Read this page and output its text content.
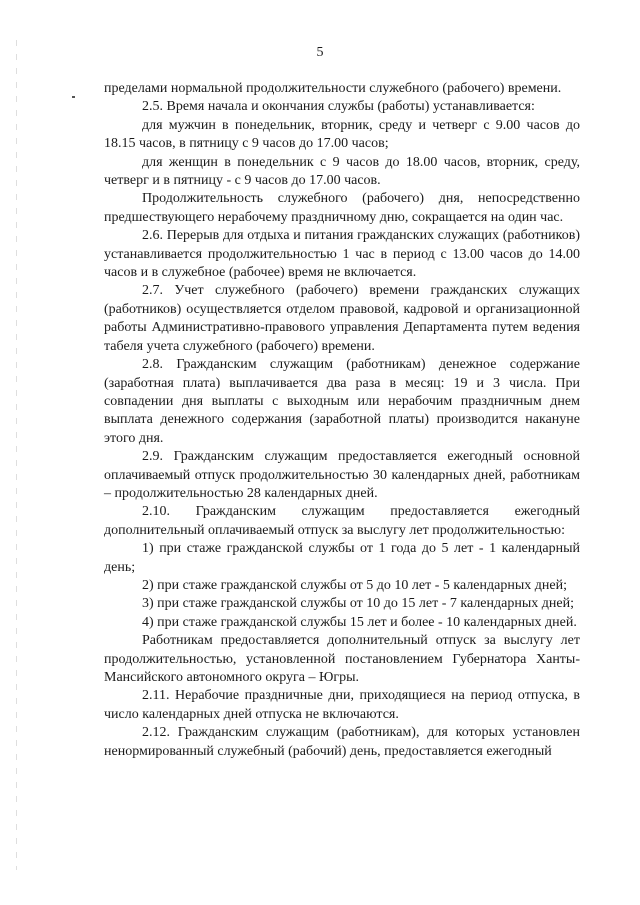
5

пределами нормальной продолжительности служебного (рабочего) времени.

2.5. Время начала и окончания службы (работы) устанавливается:

для мужчин в понедельник, вторник, среду и четверг с 9.00 часов до 18.15 часов, в пятницу с 9 часов до 17.00 часов;

для женщин в понедельник с 9 часов до 18.00 часов, вторник, среду, четверг и в пятницу - с 9 часов до 17.00 часов.

Продолжительность служебного (рабочего) дня, непосредственно предшествующего нерабочему праздничному дню, сокращается на один час.

2.6. Перерыв для отдыха и питания гражданских служащих (работников) устанавливается продолжительностью 1 час в период с 13.00 часов до 14.00 часов и в служебное (рабочее) время не включается.

2.7. Учет служебного (рабочего) времени гражданских служащих (работников) осуществляется отделом правовой, кадровой и организационной работы Административно-правового управления Департамента путем ведения табеля учета служебного (рабочего) времени.

2.8. Гражданским служащим (работникам) денежное содержание (заработная плата) выплачивается два раза в месяц: 19 и 3 числа. При совпадении дня выплаты с выходным или нерабочим праздничным днем выплата денежного содержания (заработной платы) производится накануне этого дня.

2.9. Гражданским служащим предоставляется ежегодный основной оплачиваемый отпуск продолжительностью 30 календарных дней, работникам – продолжительностью 28 календарных дней.

2.10. Гражданским служащим предоставляется ежегодный дополнительный оплачиваемый отпуск за выслугу лет продолжительностью:

1) при стаже гражданской службы от 1 года до 5 лет - 1 календарный день;

2) при стаже гражданской службы от 5 до 10 лет - 5 календарных дней;

3) при стаже гражданской службы от 10 до 15 лет - 7 календарных дней;

4) при стаже гражданской службы 15 лет и более - 10 календарных дней.

Работникам предоставляется дополнительный отпуск за выслугу лет продолжительностью, установленной постановлением Губернатора Ханты-Мансийского автономного округа – Югры.

2.11. Нерабочие праздничные дни, приходящиеся на период отпуска, в число календарных дней отпуска не включаются.

2.12. Гражданским служащим (работникам), для которых установлен ненормированный служебный (рабочий) день, предоставляется ежегодный
